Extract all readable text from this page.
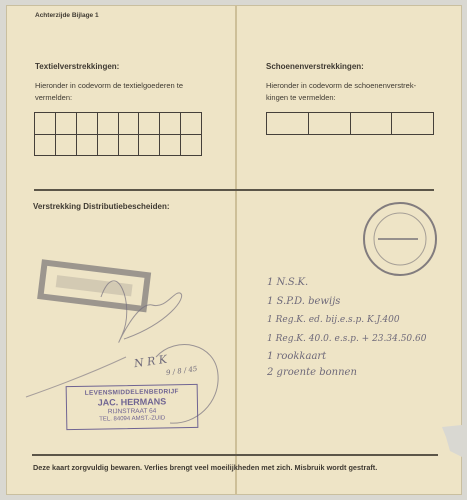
Achterzijde Bijlage 1
Textielverstrekkingen:
Hieronder in codevorm de textielgoederen te
vermelden:

Schoenenverstrekkingen:
Hieronder in codevorm de schoenenverstrek-
kingen te vermelden:

Verstrekking Distributiebescheiden:
LEVENSMIDDELENBEDRIJF
JAC. HERMANS
RIJNSTRAAT 64
TEL. 84094 AMST.-ZUID
N R K
9 / 8 / 45
1 N.S.K.
1 S.P.D. bewijs
1 Reg.K. ed. bij.e.s.p. K.J.400
1 Reg.K. 40.0. e.s.p. + 23.34.50.60
1 rookkaart
2 groente bonnen
Deze kaart zorgvuldig bewaren. Verlies brengt veel moeilijkheden met zich. Misbruik wordt gestraft.
